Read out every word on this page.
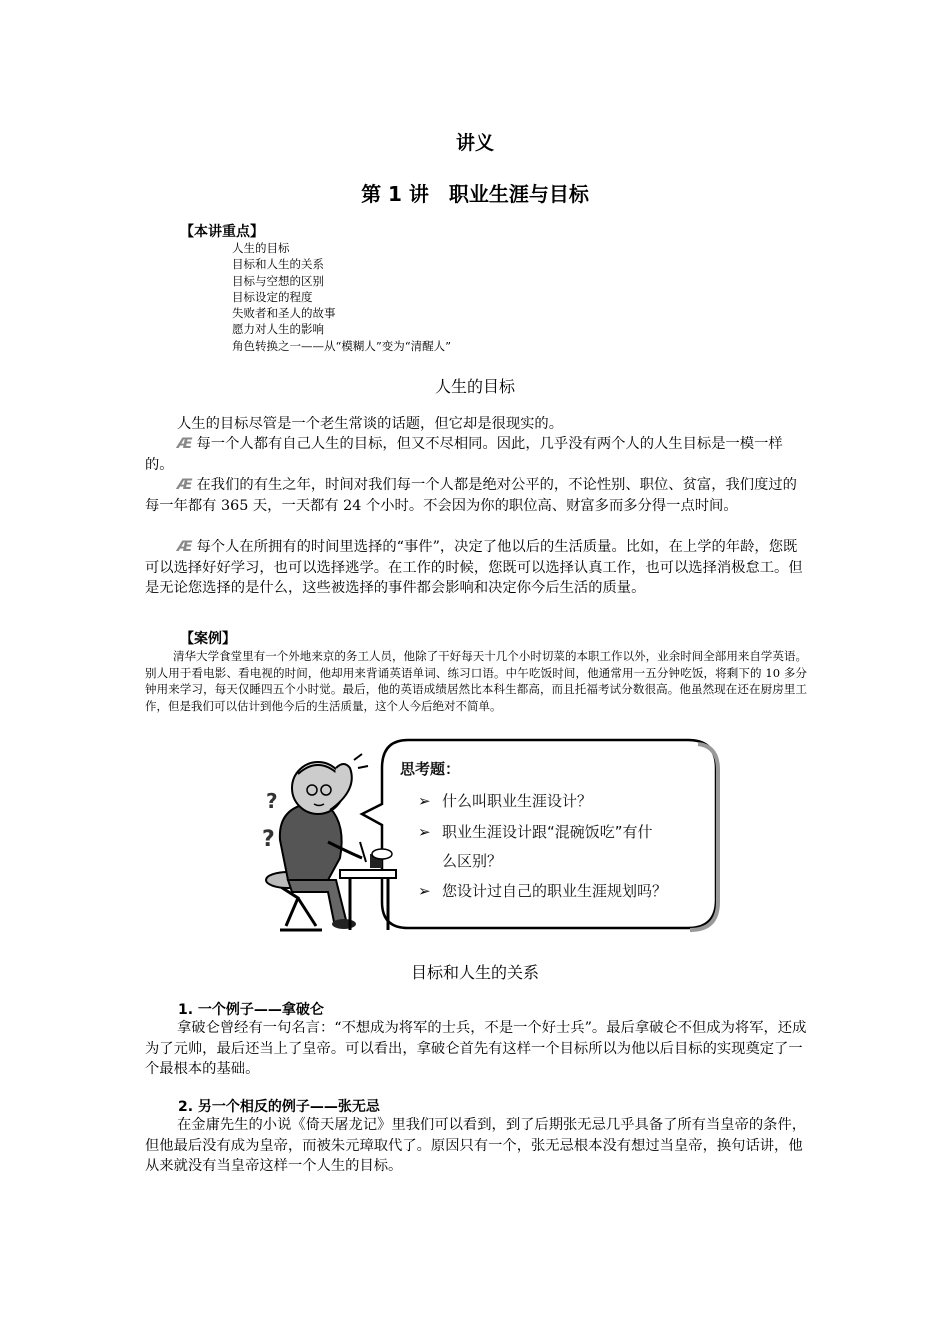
讲义
第 1 讲　职业生涯与目标
【本讲重点】
人生的目标
目标和人生的关系
目标与空想的区别
目标设定的程度
失败者和圣人的故事
愿力对人生的影响
角色转换之一——从“模糊人”变为“清醒人”
人生的目标

人生的目标尽管是一个老生常谈的话题，但它却是很现实的。

Æ 每一个人都有自己人生的目标，但又不尽相同。因此，几乎没有两个人的人生目标是一模一样的。

Æ 在我们的有生之年，时间对我们每一个人都是绝对公平的，不论性别、职位、贫富，我们度过的每一年都有 365 天，一天都有 24 个小时。不会因为你的职位高、财富多而多分得一点时间。

Æ 每个人在所拥有的时间里选择的“事件”，决定了他以后的生活质量。比如，在上学的年龄，您既可以选择好好学习，也可以选择逃学。在工作的时候，您既可以选择认真工作，也可以选择消极怠工。但是无论您选择的是什么，这些被选择的事件都会影响和决定你今后生活的质量。

【案例】

清华大学食堂里有一个外地来京的务工人员，他除了干好每天十几个小时切菜的本职工作以外，业余时间全部用来自学英语。别人用于看电影、看电视的时间，他却用来背诵英语单词、练习口语。中午吃饭时间，他通常用一五分钟吃饭，将剩下的 10 多分钟用来学习，每天仅睡四五个小时觉。最后，他的英语成绩居然比本科生都高，而且托福考试分数很高。他虽然现在还在厨房里工作，但是我们可以估计到他今后的生活质量，这个人今后绝对不简单。

思考题：
➢ 什么叫职业生涯设计？
➢ 职业生涯设计跟“混碗饭吃”有什
么区别？
➢ 您设计过自己的职业生涯规划吗？
?
?
目标和人生的关系
1. 一个例子——拿破仑

拿破仑曾经有一句名言：“不想成为将军的士兵，不是一个好士兵”。最后拿破仑不但成为将军，还成为了元帅，最后还当上了皇帝。可以看出，拿破仑首先有这样一个目标所以为他以后目标的实现奠定了一个最根本的基础。

2. 另一个相反的例子——张无忌

在金庸先生的小说《倚天屠龙记》里我们可以看到，到了后期张无忌几乎具备了所有当皇帝的条件，但他最后没有成为皇帝，而被朱元璋取代了。原因只有一个，张无忌根本没有想过当皇帝，换句话讲，他从来就没有当皇帝这样一个人生的目标。
